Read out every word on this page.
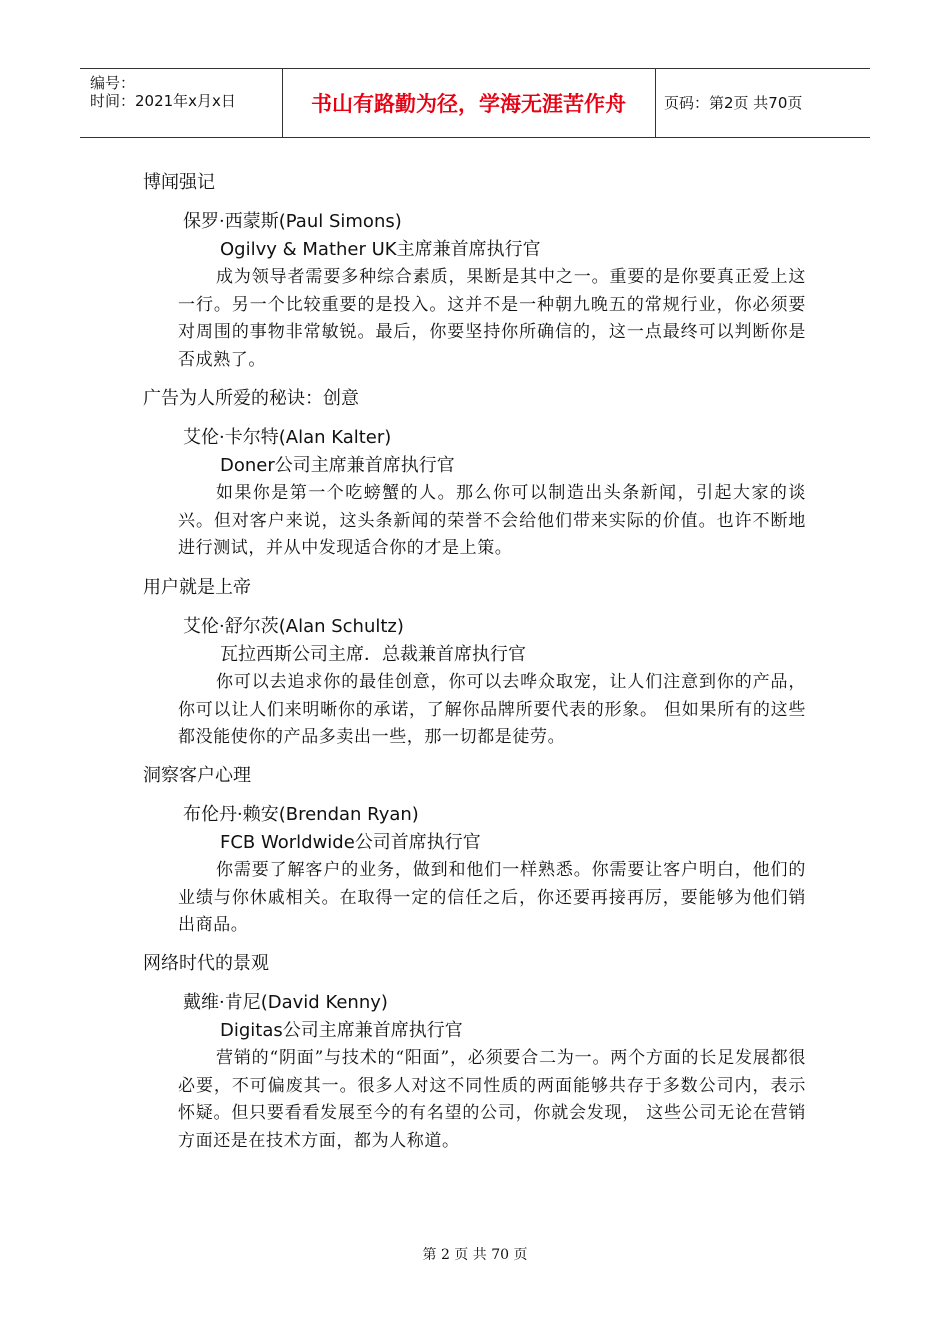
编号：
时间：2021年x月x日	书山有路勤为径，学海无涯苦作舟	页码：第2页 共70页
博闻强记
保罗·西蒙斯(Paul Simons)
Ogilvy & Mather UK主席兼首席执行官
成为领导者需要多种综合素质，果断是其中之一。重要的是你要真正爱上这一行。另一个比较重要的是投入。这并不是一种朝九晚五的常规行业，你必须要对周围的事物非常敏锐。最后，你要坚持你所确信的，这一点最终可以判断你是否成熟了。
广告为人所爱的秘诀：创意
艾伦·卡尔特(Alan Kalter)
Doner公司主席兼首席执行官
如果你是第一个吃螃蟹的人。那么你可以制造出头条新闻，引起大家的谈兴。但对客户来说，这头条新闻的荣誉不会给他们带来实际的价值。也许不断地进行测试，并从中发现适合你的才是上策。
用户就是上帝
艾伦·舒尔茨(Alan Schultz)
瓦拉西斯公司主席．总裁兼首席执行官
你可以去追求你的最佳创意，你可以去哗众取宠，让人们注意到你的产品，你可以让人们来明晰你的承诺，了解你品牌所要代表的形象。 但如果所有的这些都没能使你的产品多卖出一些，那一切都是徒劳。
洞察客户心理
布伦丹·赖安(Brendan Ryan)
FCB Worldwide公司首席执行官
你需要了解客户的业务，做到和他们一样熟悉。你需要让客户明白，他们的业绩与你休戚相关。在取得一定的信任之后，你还要再接再厉，要能够为他们销出商品。
网络时代的景观
戴维·肯尼(David Kenny)
Digitas公司主席兼首席执行官
营销的“阴面”与技术的“阳面”，必须要合二为一。两个方面的长足发展都很必要，不可偏废其一。很多人对这不同性质的两面能够共存于多数公司内，表示怀疑。但只要看看发展至今的有名望的公司，你就会发现， 这些公司无论在营销方面还是在技术方面，都为人称道。
第 2 页 共 70 页
